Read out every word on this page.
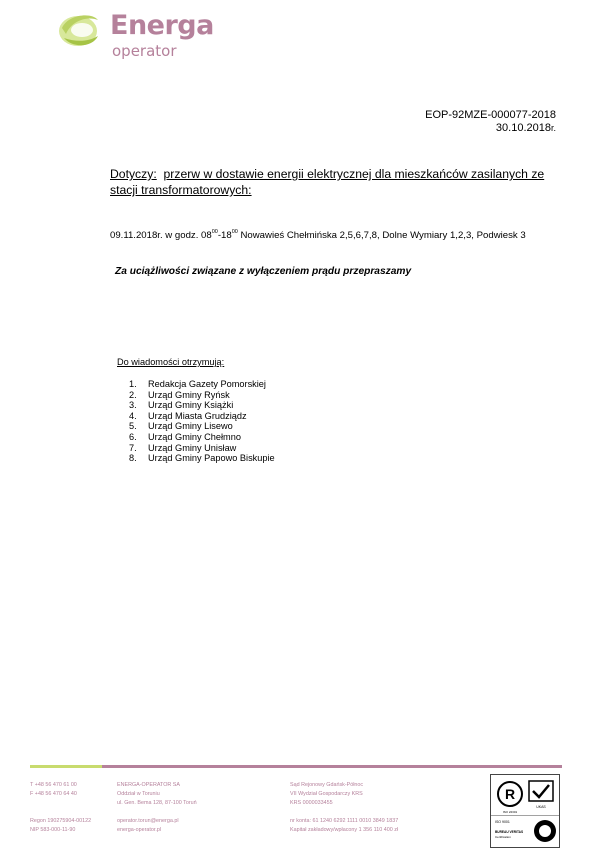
Energa
operator
EOP-92MZE-000077-2018
30.10.2018r.
Dotyczy: przerw w dostawie energii elektrycznej dla mieszkańców zasilanych ze stacji transformatorowych:
09.11.2018r. w godz. $08^{00}-18^{00}$ Nowawieś Chełmińska 2,5,6,7,8, Dolne Wymiary 1,2,3, Podwiesk 3
Za uciążliwości związane z wyłączeniem prądu przepraszamy
Do wiadomości otrzymują:
1. Redakcja Gazety Pomorskiej
2. Urząd Gminy Ryńsk
3. Urząd Gminy Książki
4. Urząd Miasta Grudziądz
5. Urząd Gminy Lisewo
6. Urząd Gminy Chełmno
7. Urząd Gminy Unisław
8. Urząd Gminy Papowo Biskupie
T +48 56 470 61 00
F +48 56 470 64 40
Regon 190275904-00122
NIP 583-000-11-90
ENERGA-OPERATOR SA
Oddział w Toruniu
ul. Gen. Bema 128, 87-100 Toruń
operator.torun@energa.pl
energa-operator.pl
Sąd Rejonowy Gdańsk-Północ
VII Wydział Gospodarczy KRS
KRS 0000033455
nr konta: 61 1240 6292 1111 0010 3849 1837
Kapitał zakładowy/wpłacony 1 356 110 400 zł
R
UKAS
ISO 22301
ISO 9001
BUREAU VERITAS
Certification
